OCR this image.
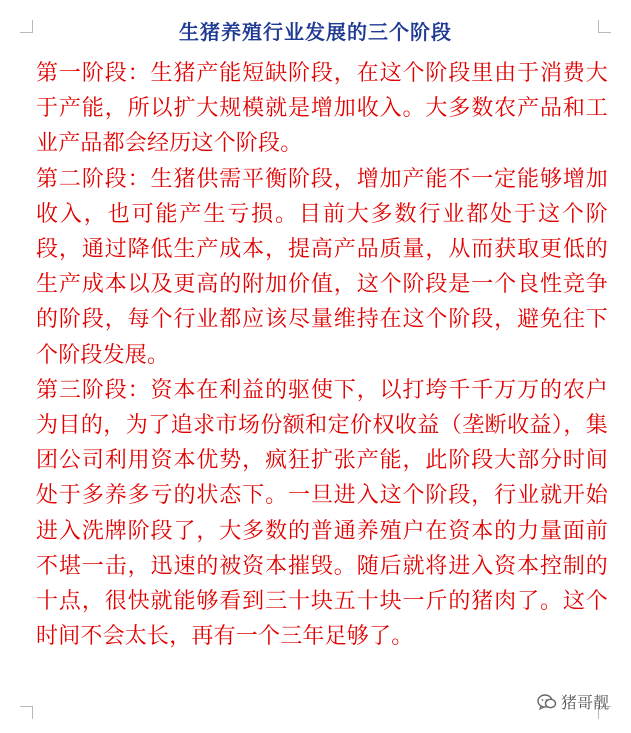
生猪养殖行业发展的三个阶段

第一阶段：生猪产能短缺阶段，在这个阶段里由于消费大于产能，所以扩大规模就是增加收入。大多数农产品和工业产品都会经历这个阶段。

第二阶段：生猪供需平衡阶段，增加产能不一定能够增加收入，也可能产生亏损。目前大多数行业都处于这个阶段，通过降低生产成本，提高产品质量，从而获取更低的生产成本以及更高的附加价值，这个阶段是一个良性竞争的阶段，每个行业都应该尽量维持在这个阶段，避免往下个阶段发展。

第三阶段：资本在利益的驱使下，以打垮千千万万的农户为目的，为了追求市场份额和定价权收益（垄断收益），集团公司利用资本优势，疯狂扩张产能，此阶段大部分时间处于多养多亏的状态下。一旦进入这个阶段，行业就开始进入洗牌阶段了，大多数的普通养殖户在资本的力量面前不堪一击，迅速的被资本摧毁。随后就将进入资本控制的十点，很快就能够看到三十块五十块一斤的猪肉了。这个时间不会太长，再有一个三年足够了。

猪哥靓
